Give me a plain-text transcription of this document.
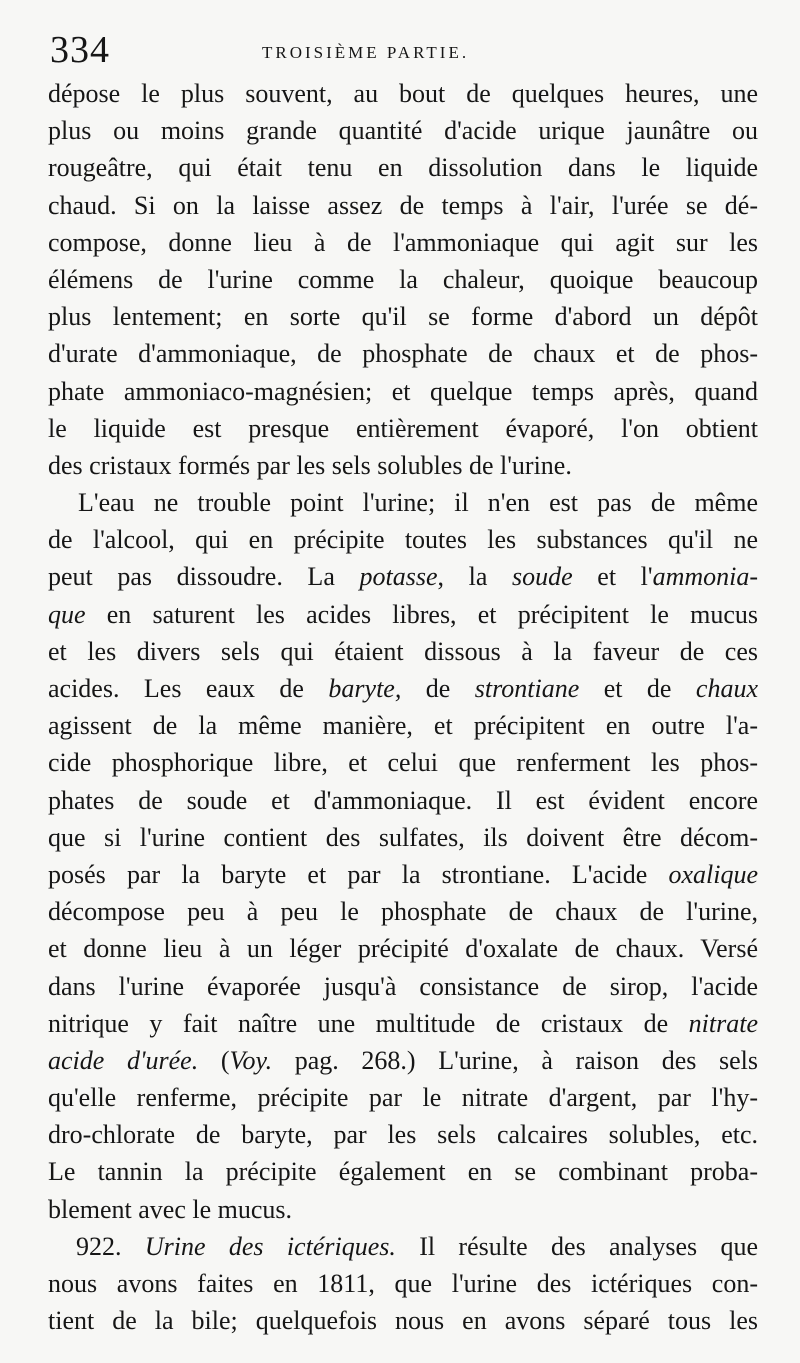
334	TROISIÈME PARTIE.
dépose le plus souvent, au bout de quelques heures, une
plus ou moins grande quantité d'acide urique jaunâtre ou
rougeâtre, qui était tenu en dissolution dans le liquide
chaud. Si on la laisse assez de temps à l'air, l'urée se dé-
compose, donne lieu à de l'ammoniaque qui agit sur les
élémens de l'urine comme la chaleur, quoique beaucoup
plus lentement; en sorte qu'il se forme d'abord un dépôt
d'urate d'ammoniaque, de phosphate de chaux et de phos-
phate ammoniaco-magnésien; et quelque temps après, quand
le liquide est presque entièrement évaporé, l'on obtient
des cristaux formés par les sels solubles de l'urine.
L'eau ne trouble point l'urine; il n'en est pas de même
de l'alcool, qui en précipite toutes les substances qu'il ne
peut pas dissoudre. La potasse, la soude et l'ammonia-
que en saturent les acides libres, et précipitent le mucus
et les divers sels qui étaient dissous à la faveur de ces
acides. Les eaux de baryte, de strontiane et de chaux
agissent de la même manière, et précipitent en outre l'a-
cide phosphorique libre, et celui que renferment les phos-
phates de soude et d'ammoniaque. Il est évident encore
que si l'urine contient des sulfates, ils doivent être décom-
posés par la baryte et par la strontiane. L'acide oxalique
décompose peu à peu le phosphate de chaux de l'urine,
et donne lieu à un léger précipité d'oxalate de chaux. Versé
dans l'urine évaporée jusqu'à consistance de sirop, l'acide
nitrique y fait naître une multitude de cristaux de nitrate
acide d'urée. (Voy. pag. 268.) L'urine, à raison des sels
qu'elle renferme, précipite par le nitrate d'argent, par l'hy-
dro-chlorate de baryte, par les sels calcaires solubles, etc.
Le tannin la précipite également en se combinant proba-
blement avec le mucus.
922. Urine des ictériques. Il résulte des analyses que
nous avons faites en 1811, que l'urine des ictériques con-
tient de la bile; quelquefois nous en avons séparé tous les
